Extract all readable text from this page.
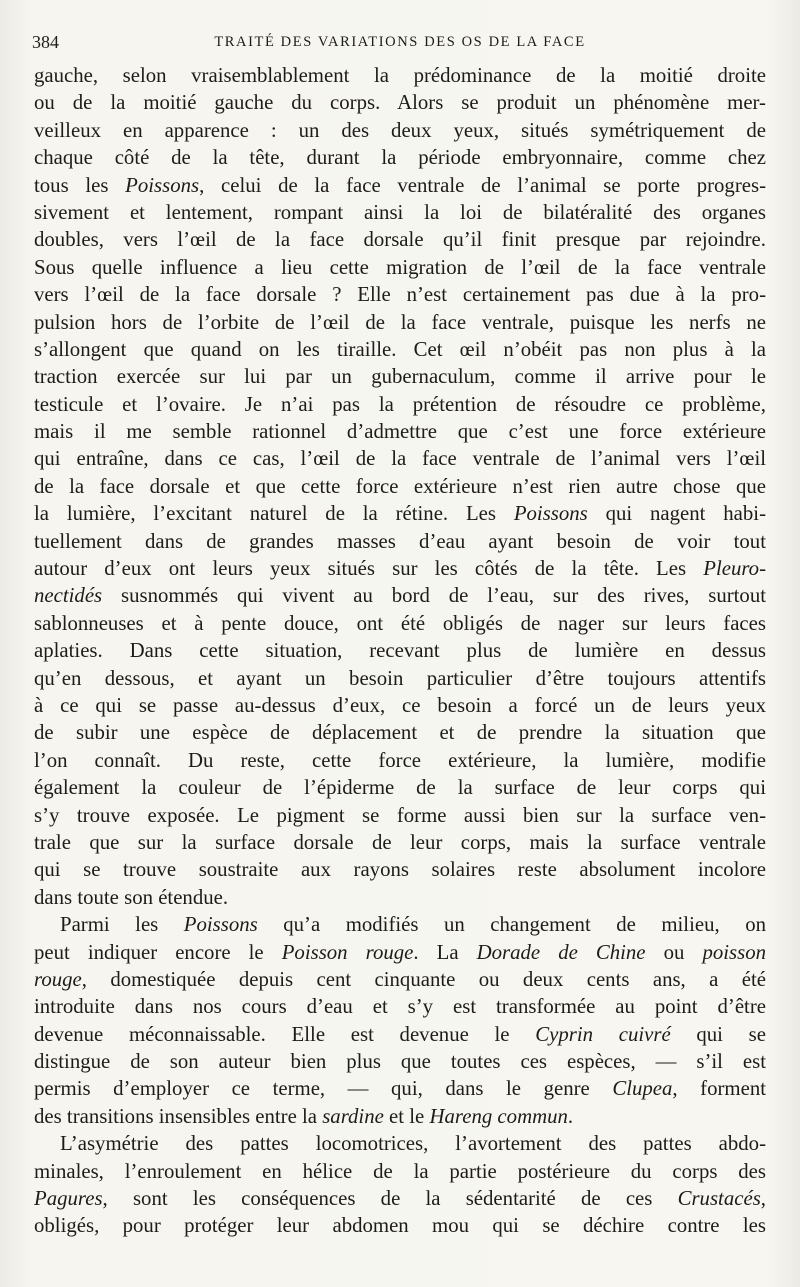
384	TRAITÉ DES VARIATIONS DES OS DE LA FACE
gauche, selon vraisemblablement la prédominance de la moitié droite
ou de la moitié gauche du corps. Alors se produit un phénomène mer-
veilleux en apparence : un des deux yeux, situés symétriquement de
chaque côté de la tête, durant la période embryonnaire, comme chez
tous les Poissons, celui de la face ventrale de l’animal se porte progres-
sivement et lentement, rompant ainsi la loi de bilatéralité des organes
doubles, vers l’œil de la face dorsale qu’il finit presque par rejoindre.
Sous quelle influence a lieu cette migration de l’œil de la face ventrale
vers l’œil de la face dorsale ? Elle n’est certainement pas due à la pro-
pulsion hors de l’orbite de l’œil de la face ventrale, puisque les nerfs ne
s’allongent que quand on les tiraille. Cet œil n’obéit pas non plus à la
traction exercée sur lui par un gubernaculum, comme il arrive pour le
testicule et l’ovaire. Je n’ai pas la prétention de résoudre ce problème,
mais il me semble rationnel d’admettre que c’est une force extérieure
qui entraîne, dans ce cas, l’œil de la face ventrale de l’animal vers l’œil
de la face dorsale et que cette force extérieure n’est rien autre chose que
la lumière, l’excitant naturel de la rétine. Les Poissons qui nagent habi-
tuellement dans de grandes masses d’eau ayant besoin de voir tout
autour d’eux ont leurs yeux situés sur les côtés de la tête. Les Pleuro-
nectidés susnommés qui vivent au bord de l’eau, sur des rives, surtout
sablonneuses et à pente douce, ont été obligés de nager sur leurs faces
aplaties. Dans cette situation, recevant plus de lumière en dessus
qu’en dessous, et ayant un besoin particulier d’être toujours attentifs
à ce qui se passe au-dessus d’eux, ce besoin a forcé un de leurs yeux
de subir une espèce de déplacement et de prendre la situation que
l’on connaît. Du reste, cette force extérieure, la lumière, modifie
également la couleur de l’épiderme de la surface de leur corps qui
s’y trouve exposée. Le pigment se forme aussi bien sur la surface ven-
trale que sur la surface dorsale de leur corps, mais la surface ventrale
qui se trouve soustraite aux rayons solaires reste absolument incolore
dans toute son étendue.
Parmi les Poissons qu’a modifiés un changement de milieu, on
peut indiquer encore le Poisson rouge. La Dorade de Chine ou poisson
rouge, domestiquée depuis cent cinquante ou deux cents ans, a été
introduite dans nos cours d’eau et s’y est transformée au point d’être
devenue méconnaissable. Elle est devenue le Cyprin cuivré qui se
distingue de son auteur bien plus que toutes ces espèces, — s’il est
permis d’employer ce terme, — qui, dans le genre Clupea, forment
des transitions insensibles entre la sardine et le Hareng commun.
L’asymétrie des pattes locomotrices, l’avortement des pattes abdo-
minales, l’enroulement en hélice de la partie postérieure du corps des
Pagures, sont les conséquences de la sédentarité de ces Crustacés,
obligés, pour protéger leur abdomen mou qui se déchire contre les
